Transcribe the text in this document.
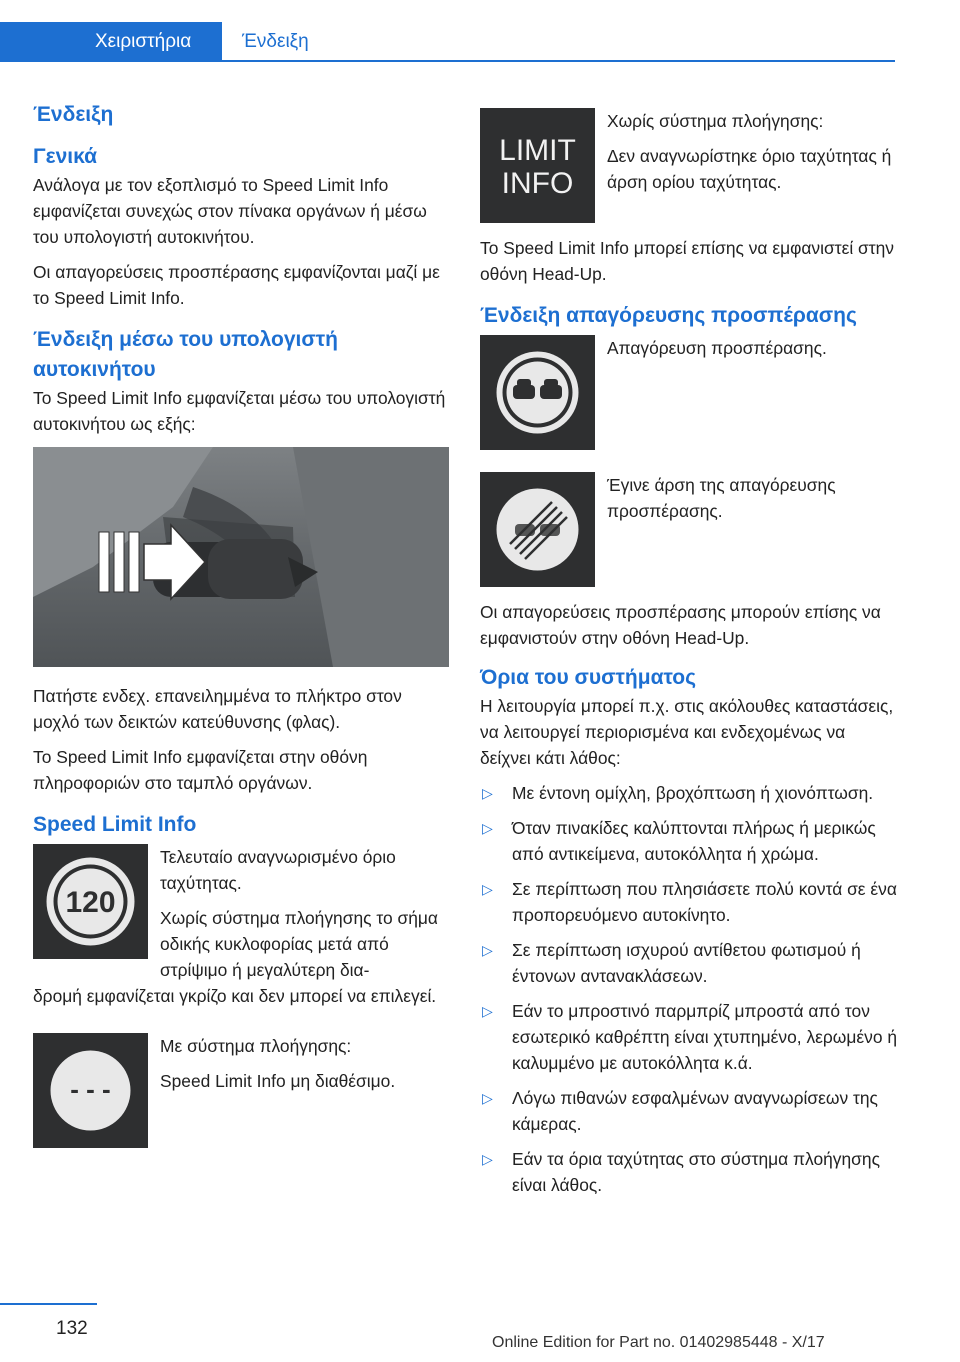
Χειριστήρια	Ένδειξη
Ένδειξη
Γενικά

Ανάλογα με τον εξοπλισμό το Speed Limit Info εμφανίζεται συνεχώς στον πίνακα οργάνων ή μέσω του υπολογιστή αυτοκινήτου.

Οι απαγορεύσεις προσπέρασης εμφανίζονται μαζί με το Speed Limit Info.

Ένδειξη μέσω του υπολογιστή αυτοκινήτου

Το Speed Limit Info εμφανίζεται μέσω του υπολογιστή αυτοκινήτου ως εξής:

Πατήστε ενδεχ. επανειλημμένα το πλήκτρο στον μοχλό των δεικτών κατεύθυνσης (φλας).

Το Speed Limit Info εμφανίζεται στην οθόνη πληροφοριών στο ταμπλό οργάνων.

Speed Limit Info
120

Τελευταίο αναγνωρισμένο όριο ταχύτητας.

Χωρίς σύστημα πλοήγησης το σήμα οδικής κυκλοφορίας μετά από στρίψιμο ή μεγαλύτερη δια-
δρομή εμφανίζεται γκρίζο και δεν μπορεί να επιλεγεί.

- - -

Με σύστημα πλοήγησης:

Speed Limit Info μη διαθέσιμο.

LIMIT
INFO

Χωρίς σύστημα πλοήγησης:

Δεν αναγνωρίστηκε όριο ταχύτητας ή άρση ορίου ταχύτητας.

Το Speed Limit Info μπορεί επίσης να εμφανιστεί στην οθόνη Head-Up.

Ένδειξη απαγόρευσης προσπέρασης

Απαγόρευση προσπέρασης.

Έγινε άρση της απαγόρευσης προσπέρασης.

Οι απαγορεύσεις προσπέρασης μπορούν επίσης να εμφανιστούν στην οθόνη Head-Up.

Όρια του συστήματος

Η λειτουργία μπορεί π.χ. στις ακόλουθες καταστάσεις, να λειτουργεί περιορισμένα και ενδεχομένως να δείχνει κάτι λάθος:

▷ Με έντονη ομίχλη, βροχόπτωση ή χιονόπτωση.
▷ Όταν πινακίδες καλύπτονται πλήρως ή μερικώς από αντικείμενα, αυτοκόλλητα ή χρώμα.
▷ Σε περίπτωση που πλησιάσετε πολύ κοντά σε ένα προπορευόμενο αυτοκίνητο.
▷ Σε περίπτωση ισχυρού αντίθετου φωτισμού ή έντονων αντανακλάσεων.
▷ Εάν το μπροστινό παρμπρίζ μπροστά από τον εσωτερικό καθρέπτη είναι χτυπημένο, λερωμένο ή καλυμμένο με αυτοκόλλητα κ.ά.
▷ Λόγω πιθανών εσφαλμένων αναγνωρίσεων της κάμερας.
▷ Εάν τα όρια ταχύτητας στο σύστημα πλοήγησης είναι λάθος.
132
Online Edition for Part no. 01402985448 - X/17
